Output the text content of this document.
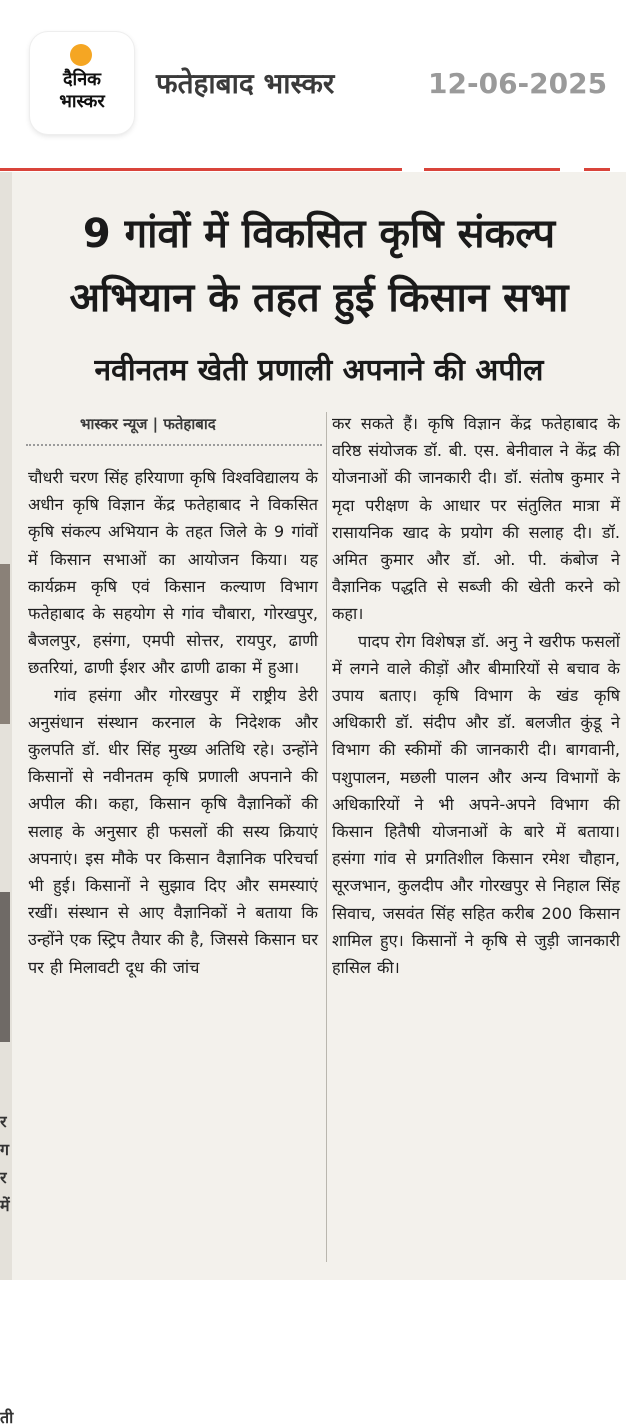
दैनिक
भास्कर
फतेहाबाद भास्कर	12-06-2025
र
ग
र
में
ती
9 गांवों में विकसित कृषि संकल्प
अभियान के तहत हुई किसान सभा
नवीनतम खेती प्रणाली अपनाने की अपील
भास्कर न्यूज | फतेहाबाद

चौधरी चरण सिंह हरियाणा कृषि विश्वविद्यालय के अधीन कृषि विज्ञान केंद्र फतेहाबाद ने विकसित कृषि संकल्प अभियान के तहत जिले के 9 गांवों में किसान सभाओं का आयोजन किया। यह कार्यक्रम कृषि एवं किसान कल्याण विभाग फतेहाबाद के सहयोग से गांव चौबारा, गोरखपुर, बैजलपुर, हसंगा, एमपी सोत्तर, रायपुर, ढाणी छतरियां, ढाणी ईशर और ढाणी ढाका में हुआ।

गांव हसंगा और गोरखपुर में राष्ट्रीय डेरी अनुसंधान संस्थान करनाल के निदेशक और कुलपति डॉ. धीर सिंह मुख्य अतिथि रहे। उन्होंने किसानों से नवीनतम कृषि प्रणाली अपनाने की अपील की। कहा, किसान कृषि वैज्ञानिकों की सलाह के अनुसार ही फसलों की सस्य क्रियाएं अपनाएं। इस मौके पर किसान वैज्ञानिक परिचर्चा भी हुई। किसानों ने सुझाव दिए और समस्याएं रखीं। संस्थान से आए वैज्ञानिकों ने बताया कि उन्होंने एक स्ट्रिप तैयार की है, जिससे किसान घर पर ही मिलावटी दूध की जांच

कर सकते हैं। कृषि विज्ञान केंद्र फतेहाबाद के वरिष्ठ संयोजक डॉ. बी. एस. बेनीवाल ने केंद्र की योजनाओं की जानकारी दी। डॉ. संतोष कुमार ने मृदा परीक्षण के आधार पर संतुलित मात्रा में रासायनिक खाद के प्रयोग की सलाह दी। डॉ. अमित कुमार और डॉ. ओ. पी. कंबोज ने वैज्ञानिक पद्धति से सब्जी की खेती करने को कहा।

पादप रोग विशेषज्ञ डॉ. अनु ने खरीफ फसलों में लगने वाले कीड़ों और बीमारियों से बचाव के उपाय बताए। कृषि विभाग के खंड कृषि अधिकारी डॉ. संदीप और डॉ. बलजीत कुंडू ने विभाग की स्कीमों की जानकारी दी। बागवानी, पशुपालन, मछली पालन और अन्य विभागों के अधिकारियों ने भी अपने-अपने विभाग की किसान हितैषी योजनाओं के बारे में बताया। हसंगा गांव से प्रगतिशील किसान रमेश चौहान, सूरजभान, कुलदीप और गोरखपुर से निहाल सिंह सिवाच, जसवंत सिंह सहित करीब 200 किसान शामिल हुए। किसानों ने कृषि से जुड़ी जानकारी हासिल की।
